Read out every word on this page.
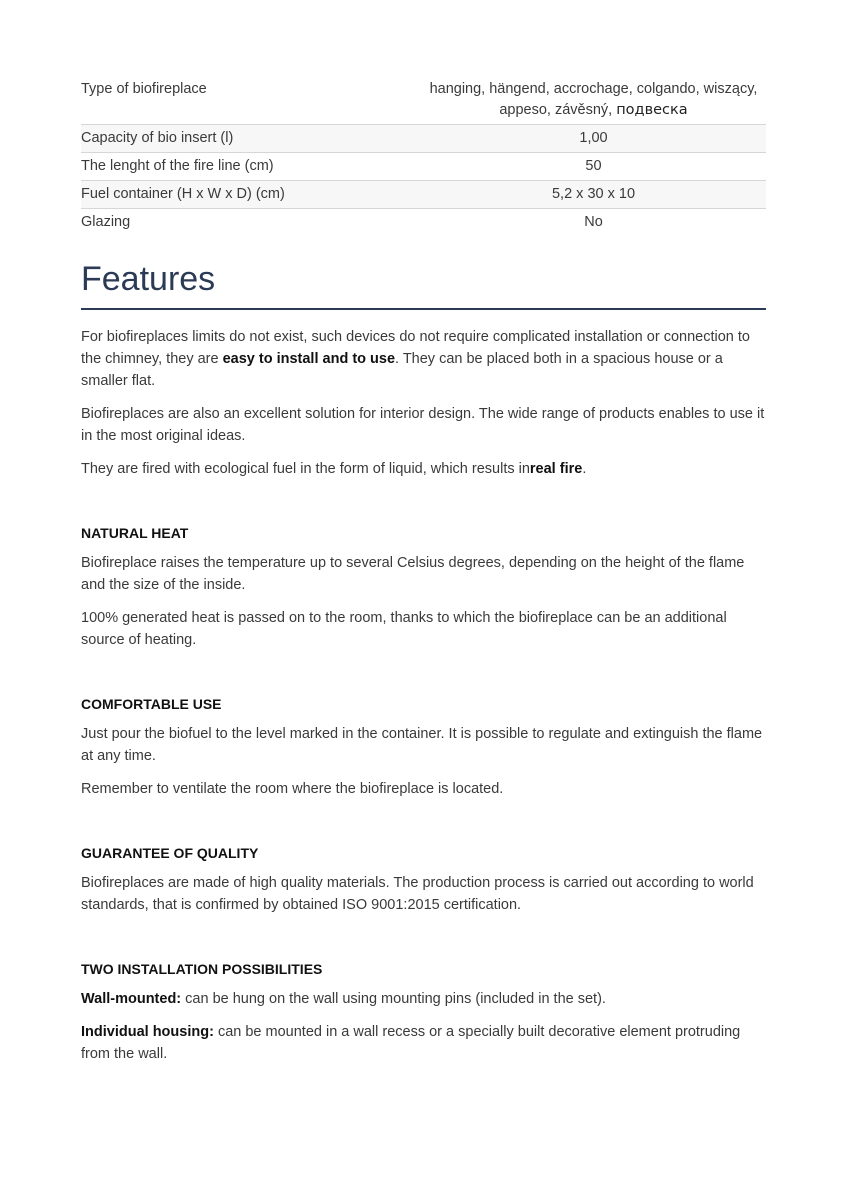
Type of biofireplace	hanging, hängend, accrochage, colgando, wiszący,
appeso, závěsný, подвеска
Capacity of bio insert (l)	1,00
The lenght of the fire line (cm)	50
Fuel container (H x W x D) (cm)	5,2 x 30 x 10
Glazing	No
Features

For biofireplaces limits do not exist, such devices do not require complicated installation or connection to the chimney, they are easy to install and to use. They can be placed both in a spacious house or a smaller flat.

Biofireplaces are also an excellent solution for interior design. The wide range of products enables to use it in the most original ideas.

They are fired with ecological fuel in the form of liquid, which results inreal fire.

NATURAL HEAT

Biofireplace raises the temperature up to several Celsius degrees, depending on the height of the flame and the size of the inside.

100% generated heat is passed on to the room, thanks to which the biofireplace can be an additional source of heating.

COMFORTABLE USE

Just pour the biofuel to the level marked in the container. It is possible to regulate and extinguish the flame at any time.

Remember to ventilate the room where the biofireplace is located.

GUARANTEE OF QUALITY

Biofireplaces are made of high quality materials. The production process is carried out according to world standards, that is confirmed by obtained ISO 9001:2015 certification.

TWO INSTALLATION POSSIBILITIES

Wall-mounted: can be hung on the wall using mounting pins (included in the set).

Individual housing: can be mounted in a wall recess or a specially built decorative element protruding from the wall.
